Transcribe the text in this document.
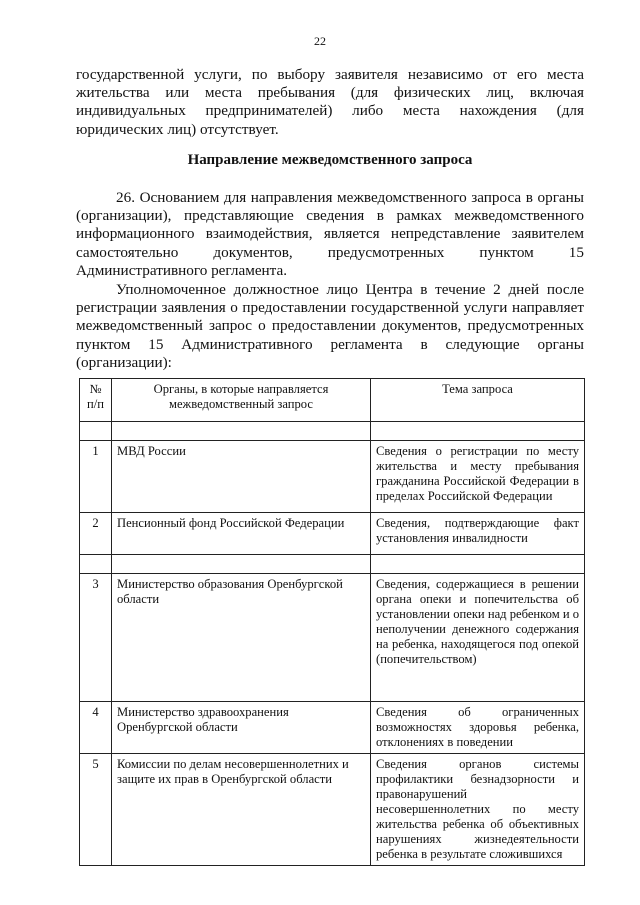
22
государственной услуги, по выбору заявителя независимо от его места жительства или места пребывания (для физических лиц, включая индивидуальных предпринимателей) либо места нахождения (для юридических лиц) отсутствует.
Направление межведомственного запроса
26. Основанием для направления межведомственного запроса в органы (организации), представляющие сведения в рамках межведомственного информационного взаимодействия, является непредставление заявителем самостоятельно документов, предусмотренных пунктом 15 Административного регламента.
Уполномоченное должностное лицо Центра в течение 2 дней после регистрации заявления о предоставлении государственной услуги направляет межведомственный запрос о предоставлении документов, предусмотренных пунктом 15 Административного регламента в следующие органы (организации):
№ п/п	Органы, в которые направляется межведомственный запрос	Тема запроса

1	МВД России	Сведения о регистрации по месту жительства и месту пребывания гражданина Российской Федерации в пределах Российской Федерации
2	Пенсионный фонд Российской Федерации	Сведения, подтверждающие факт установления инвалидности

3	Министерство образования Оренбургской области	Сведения, содержащиеся в решении органа опеки и попечительства об установлении опеки над ребенком и о неполучении денежного содержания на ребенка, находящегося под опекой (попечительством)
4	Министерство здравоохранения Оренбургской области	Сведения об ограниченных возможностях здоровья ребенка, отклонениях в поведении
5	Комиссии по делам несовершеннолетних и защите их прав в Оренбургской области	Сведения органов системы профилактики безнадзорности и правонарушений несовершеннолетних по месту жительства ребенка об объективных нарушениях жизнедеятельности ребенка в результате сложившихся
